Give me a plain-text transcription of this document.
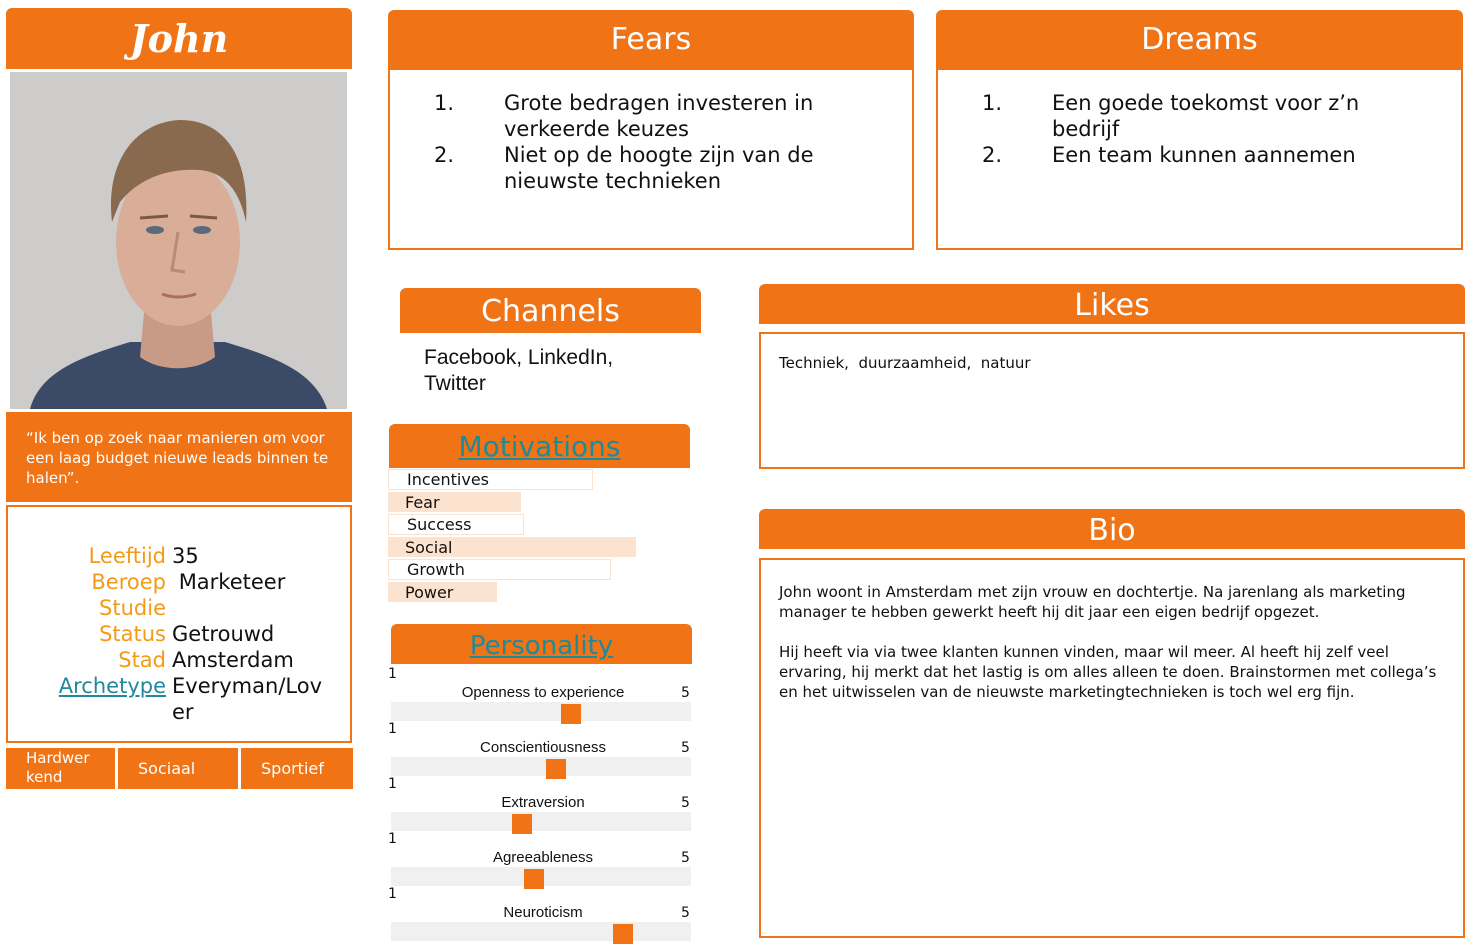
John
“Ik ben op zoek naar manieren om voor een laag budget nieuwe leads binnen te halen”.
Leeftijd 35
Beroep Marketeer
Studie
Status Getrouwd
Stad Amsterdam
Archetype Everyman/Lover
Hardwerkend	Sociaal	Sportief
Fears
1.	Grote bedragen investeren in verkeerde keuzes
2.	Niet op de hoogte zijn van de nieuwste technieken
Dreams
1.	Een goede toekomst voor z’n bedrijf
2.	Een team kunnen aannemen
Channels
Facebook, LinkedIn, Twitter
Motivations
Incentives
Fear
Success
Social
Growth
Power
Personality
1
Openness to experience	5
1
Conscientiousness	5
1
Extraversion	5
1
Agreeableness	5
1
Neuroticism	5
Likes
Techniek,  duurzaamheid,  natuur
Bio
John woont in Amsterdam met zijn vrouw en dochtertje. Na jarenlang als marketing manager te hebben gewerkt heeft hij dit jaar een eigen bedrijf opgezet.
Hij heeft via via twee klanten kunnen vinden, maar wil meer. Al heeft hij zelf veel ervaring, hij merkt dat het lastig is om alles alleen te doen. Brainstormen met collega’s en het uitwisselen van de nieuwste marketingtechnieken is toch wel erg fijn.
